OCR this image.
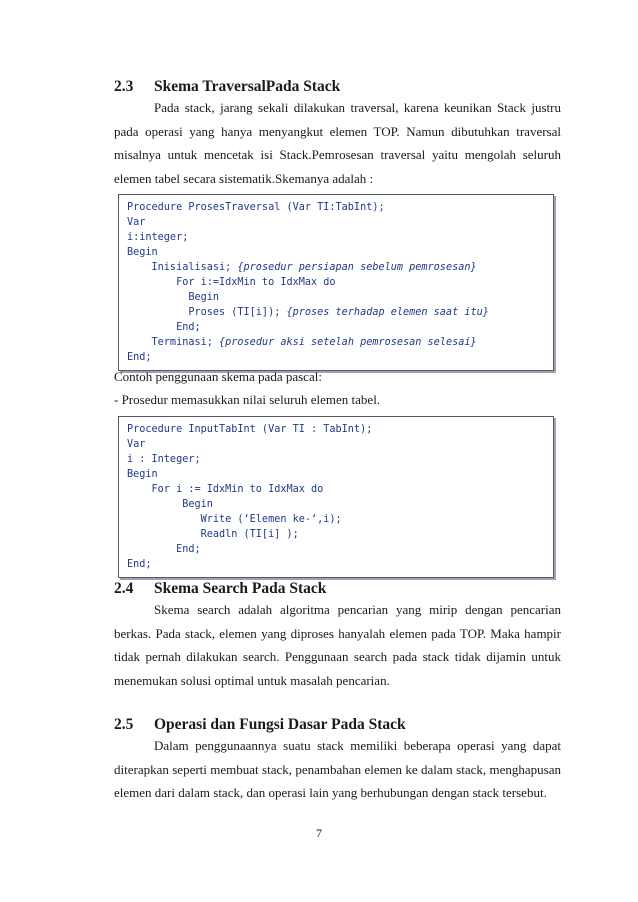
2.3 Skema TraversalPada Stack

Pada stack, jarang sekali dilakukan traversal, karena keunikan Stack justru pada operasi yang hanya menyangkut elemen TOP. Namun dibutuhkan traversal misalnya untuk mencetak isi Stack.Pemrosesan traversal yaitu mengolah seluruh elemen tabel secara sistematik.Skemanya adalah :

Procedure ProsesTraversal (Var TI:TabInt);
Var
i:integer;
Begin
Inisialisasi; {prosedur persiapan sebelum pemrosesan}
For i:=IdxMin to IdxMax do
Begin
Proses (TI[i]); {proses terhadap elemen saat itu}
End;
Terminasi; {prosedur aksi setelah pemrosesan selesai}
End;
Contoh penggunaan skema pada pascal:
- Prosedur memasukkan nilai seluruh elemen tabel.
Procedure InputTabInt (Var TI : TabInt);
Var
i : Integer;
Begin
For i := IdxMin to IdxMax do
Begin
Write (‘Elemen ke-‘,i);
Readln (TI[i] );
End;
End;
2.4 Skema Search Pada Stack

Skema search adalah algoritma pencarian yang mirip dengan pencarian berkas. Pada stack, elemen yang diproses hanyalah elemen pada TOP. Maka hampir tidak pernah dilakukan search. Penggunaan search pada stack tidak dijamin untuk menemukan solusi optimal untuk masalah pencarian.

2.5 Operasi dan Fungsi Dasar Pada Stack

Dalam penggunaannya suatu stack memiliki beberapa operasi yang dapat diterapkan seperti membuat stack, penambahan elemen ke dalam stack, menghapusan elemen dari dalam stack, dan operasi lain yang berhubungan dengan stack tersebut.

7
